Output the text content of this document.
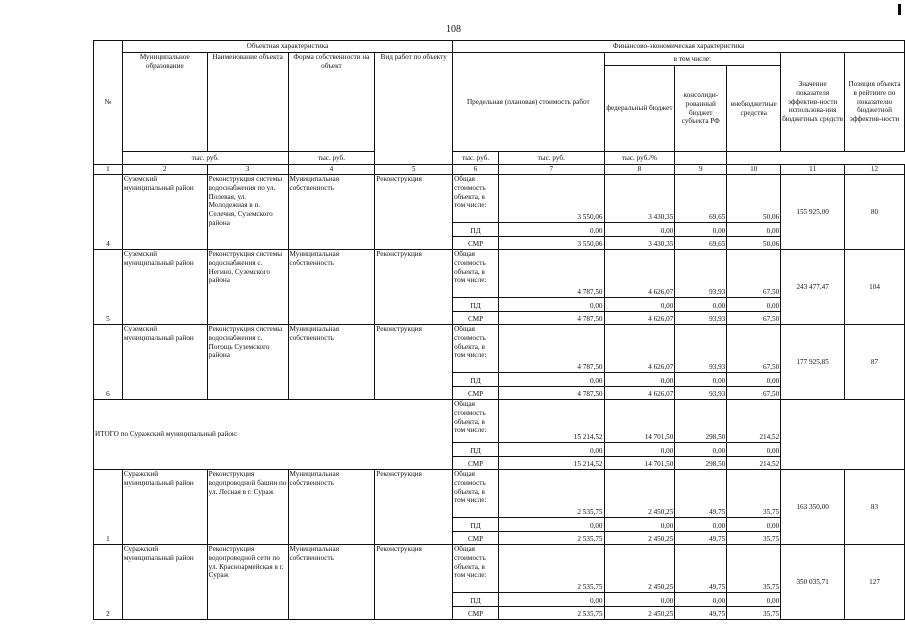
108
№	Объектная характеристика				Финансово-экономическая характеристика						
	Муниципальное образование	Наименование объекта	Форма собственности на объект	Вид работ по объекту	Предельная (плановая) стоимость работ		в том числе:			Значение показателя эффектив-ности использова-ния бюджетных средств	Позиция объекта в рейтинге по показателю бюджетной эффектив-ности
							федеральный бюджет	консолиди-рованный бюджет субъекта РФ	внебюджетные средства		
	тыс. руб.		тыс. руб.		тыс. руб.	тыс. руб.	тыс. руб./%				
1	2	3	4	5	6	7	8	9	10	11	12
4	Суземский муниципальный район	Реконструкция системы водоснабжения по ул. Полевая, ул. Молодежная в п. Селечня, Суземского района	Муниципальная собственность	Реконструкция	Общая стоимость объекта, в том числе:	3 550,06	3 430,35	69,65	50,06	155 925,00	80
					ПД	0,00	0,00	0,00	0,00		
					СМР	3 550,06	3 430,35	69,65	50,06		
5	Суземский муниципальный район	Реконструкция системы водоснабжения с. Негино, Суземского района	Муниципальная собственность	Реконструкция	Общая стоимость объекта, в том числе:	4 787,50	4 626,07	93,93	67,50	243 477,47	104
					ПД	0,00	0,00	0,00	0,00		
					СМР	4 787,50	4 626,07	93,93	67,50		
6	Суземский муниципальный район	Реконструкция системы водоснабжения с. Погощь Суземского района	Муниципальная собственность	Реконструкция	Общая стоимость объекта, в том числе:	4 787,50	4 626,07	93,93	67,50	177 925,85	87
					ПД	0,00	0,00	0,00	0,00		
					СМР	4 787,50	4 626,07	93,93	67,50		
ИТОГО по Суражский муниципальный район:					Общая стоимость объекта, в том числе:	15 214,52	14 701,50	298,50	214,52		
					ПД	0,00	0,00	0,00	0,00		
					СМР	15 214,52	14 701,50	298,50	214,52		
1	Суражский муниципальный район	Реконструкция водопроводной башни по ул. Лесная в г. Сураж	Муниципальная собственность	Реконструкция	Общая стоимость объекта, в том числе:	2 535,75	2 450,25	49,75	35,75	163 350,00	83
					ПД	0,00	0,00	0,00	0,00		
					СМР	2 535,75	2 450,25	49,75	35,75		
2	Суражский муниципальный район	Реконструкция водопроводной сети по ул. Красноармейская в г. Сураж	Муниципальная собственность	Реконструкция	Общая стоимость объекта, в том числе:	2 535,75	2 450,25	49,75	35,75	350 035,71	127
					ПД	0,00	0,00	0,00	0,00		
					СМР	2 535,75	2 450,25	49,75	35,75		
